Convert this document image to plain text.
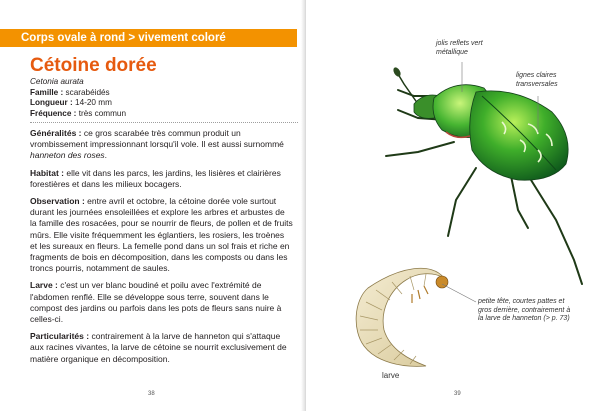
Corps ovale à rond > vivement coloré
Cétoine dorée
Cetonia aurata
Famille : scarabéidés
Longueur : 14-20 mm
Fréquence : très commun

Généralités : ce gros scarabée très commun produit un vrombissement impressionnant lorsqu'il vole. Il est aussi surnommé hanneton des roses.

Habitat : elle vit dans les parcs, les jardins, les lisières et clairières forestières et dans les milieux bocagers.

Observation : entre avril et octobre, la cétoine dorée vole surtout durant les journées ensoleillées et explore les arbres et arbustes de la famille des rosacées, pour se nourrir de fleurs, de pollen et de fruits mûrs. Elle visite fréquemment les églantiers, les rosiers, les troènes et les sureaux en fleurs. La femelle pond dans un sol frais et riche en fragments de bois en décomposition, dans les composts ou dans les troncs pourris, notamment de saules.

Larve : c'est un ver blanc boudiné et poilu avec l'extrémité de l'abdomen renflé. Elle se développe sous terre, souvent dans le compost des jardins ou parfois dans les pots de fleurs sans nuire à celles-ci.

Particularités : contrairement à la larve de hanneton qui s'attaque aux racines vivantes, la larve de cétoine se nourrit exclusivement de matière organique en décomposition.

38
jolis reflets vert métallique
lignes claires transversales
petite tête, courtes pattes et gros derrière, contrairement à la larve de hanneton (> p. 73)
larve
39
